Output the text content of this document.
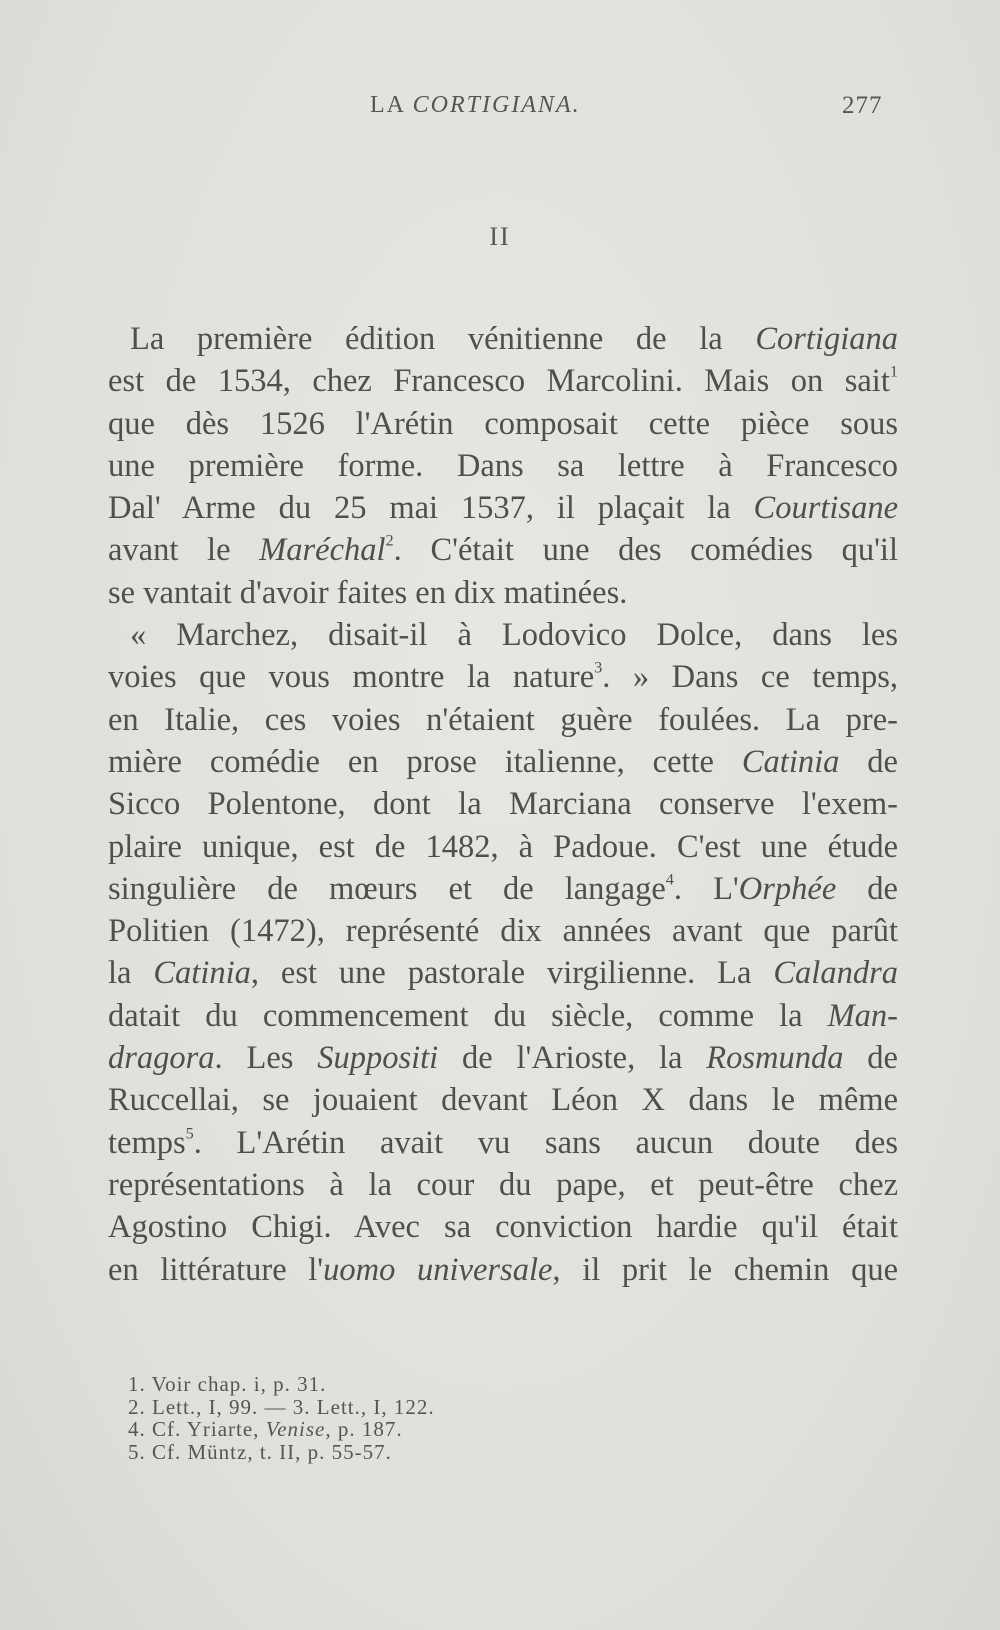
LA CORTIGIANA.	277
II
La première édition vénitienne de la Cortigiana
est de 1534, chez Francesco Marcolini. Mais on sait$^1$
que dès 1526 l'Arétin composait cette pièce sous
une première forme. Dans sa lettre à Francesco
Dal' Arme du 25 mai 1537, il plaçait la Courtisane
avant le Maréchal$^2$. C'était une des comédies qu'il
se vantait d'avoir faites en dix matinées.
« Marchez, disait-il à Lodovico Dolce, dans les
voies que vous montre la nature$^3$. » Dans ce temps,
en Italie, ces voies n'étaient guère foulées. La pre-
mière comédie en prose italienne, cette Catinia de
Sicco Polentone, dont la Marciana conserve l'exem-
plaire unique, est de 1482, à Padoue. C'est une étude
singulière de mœurs et de langage$^4$. L'Orphée de
Politien (1472), représenté dix années avant que parût
la Catinia, est une pastorale virgilienne. La Calandra
datait du commencement du siècle, comme la Man-
dragora. Les Suppositi de l'Arioste, la Rosmunda de
Ruccellai, se jouaient devant Léon X dans le même
temps$^5$. L'Arétin avait vu sans aucun doute des
représentations à la cour du pape, et peut-être chez
Agostino Chigi. Avec sa conviction hardie qu'il était
en littérature l'uomo universale, il prit le chemin que
1. Voir chap. i, p. 31.
2. Lett., I, 99. — 3. Lett., I, 122.
4. Cf. Yriarte, Venise, p. 187.
5. Cf. Müntz, t. II, p. 55-57.
